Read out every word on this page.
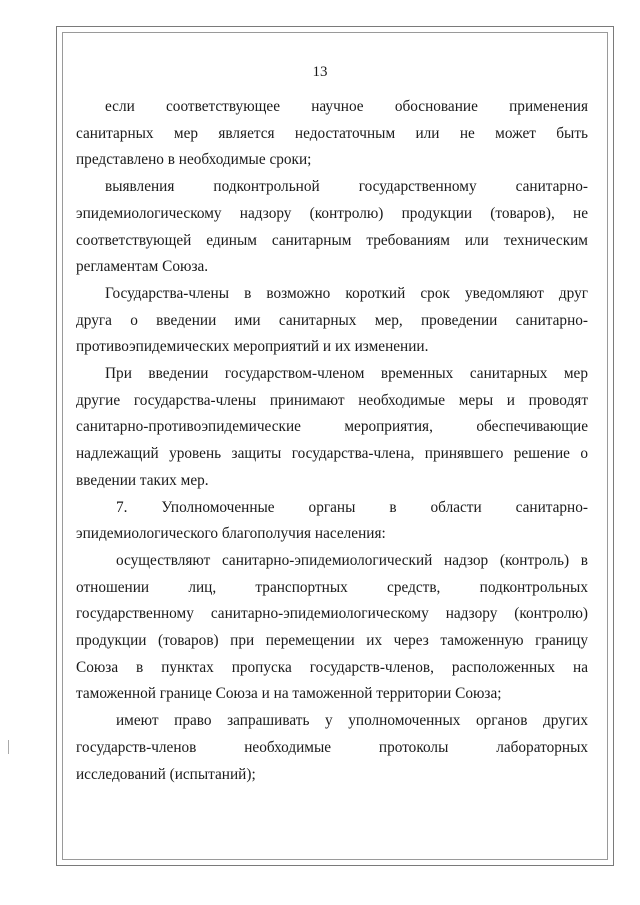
13

если соответствующее научное обоснование применения
санитарных мер является недостаточным или не может быть
представлено в необходимые сроки;

выявления подконтрольной государственному санитарно-
эпидемиологическому надзору (контролю) продукции (товаров), не
соответствующей единым санитарным требованиям или техническим
регламентам Союза.

Государства-члены в возможно короткий срок уведомляют друг
друга о введении ими санитарных мер, проведении санитарно-
противоэпидемических мероприятий и их изменении.

При введении государством-членом временных санитарных мер
другие государства-члены принимают необходимые меры и проводят
санитарно-противоэпидемические мероприятия, обеспечивающие
надлежащий уровень защиты государства-члена, принявшего решение о
введении таких мер.

7. Уполномоченные органы в области санитарно-
эпидемиологического благополучия населения:

осуществляют санитарно-эпидемиологический надзор (контроль) в
отношении лиц, транспортных средств, подконтрольных
государственному санитарно-эпидемиологическому надзору (контролю)
продукции (товаров) при перемещении их через таможенную границу
Союза в пунктах пропуска государств-членов, расположенных на
таможенной границе Союза и на таможенной территории Союза;

имеют право запрашивать у уполномоченных органов других
государств-членов необходимые протоколы лабораторных
исследований (испытаний);
